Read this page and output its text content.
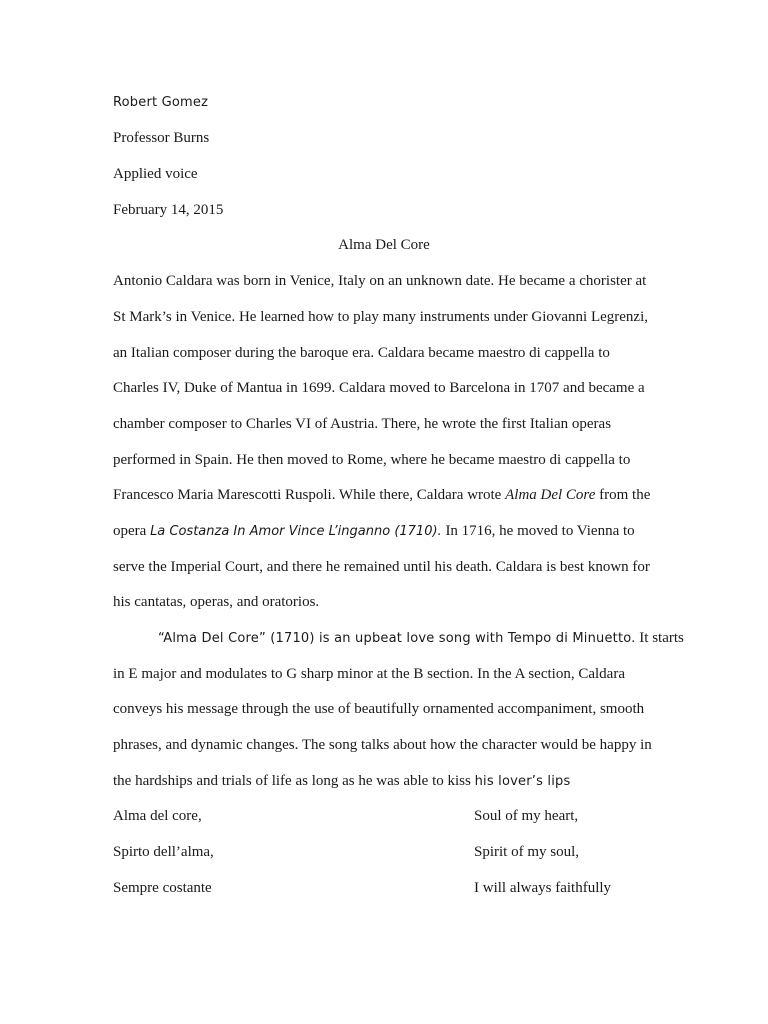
Robert Gomez
Professor Burns
Applied voice
February 14, 2015
Alma Del Core
Antonio Caldara was born in Venice, Italy on an unknown date. He became a chorister at
St Mark’s in Venice. He learned how to play many instruments under Giovanni Legrenzi,
an Italian composer during the baroque era. Caldara became maestro di cappella to
Charles IV, Duke of Mantua in 1699. Caldara moved to Barcelona in 1707 and became a
chamber composer to Charles VI of Austria. There, he wrote the first Italian operas
performed in Spain. He then moved to Rome, where he became maestro di cappella to
Francesco Maria Marescotti Ruspoli. While there, Caldara wrote Alma Del Core from the
opera La Costanza In Amor Vince L’inganno (1710). In 1716, he moved to Vienna to
serve the Imperial Court, and there he remained until his death. Caldara is best known for
his cantatas, operas, and oratorios.
“Alma Del Core” (1710) is an upbeat love song with Tempo di Minuetto. It starts
in E major and modulates to G sharp minor at the B section. In the A section, Caldara
conveys his message through the use of beautifully ornamented accompaniment, smooth
phrases, and dynamic changes. The song talks about how the character would be happy in
the hardships and trials of life as long as he was able to kiss his lover’s lips
Alma del core,	Soul of my heart,
Spirto dell’alma,	Spirit of my soul,
Sempre costante	I will always faithfully
